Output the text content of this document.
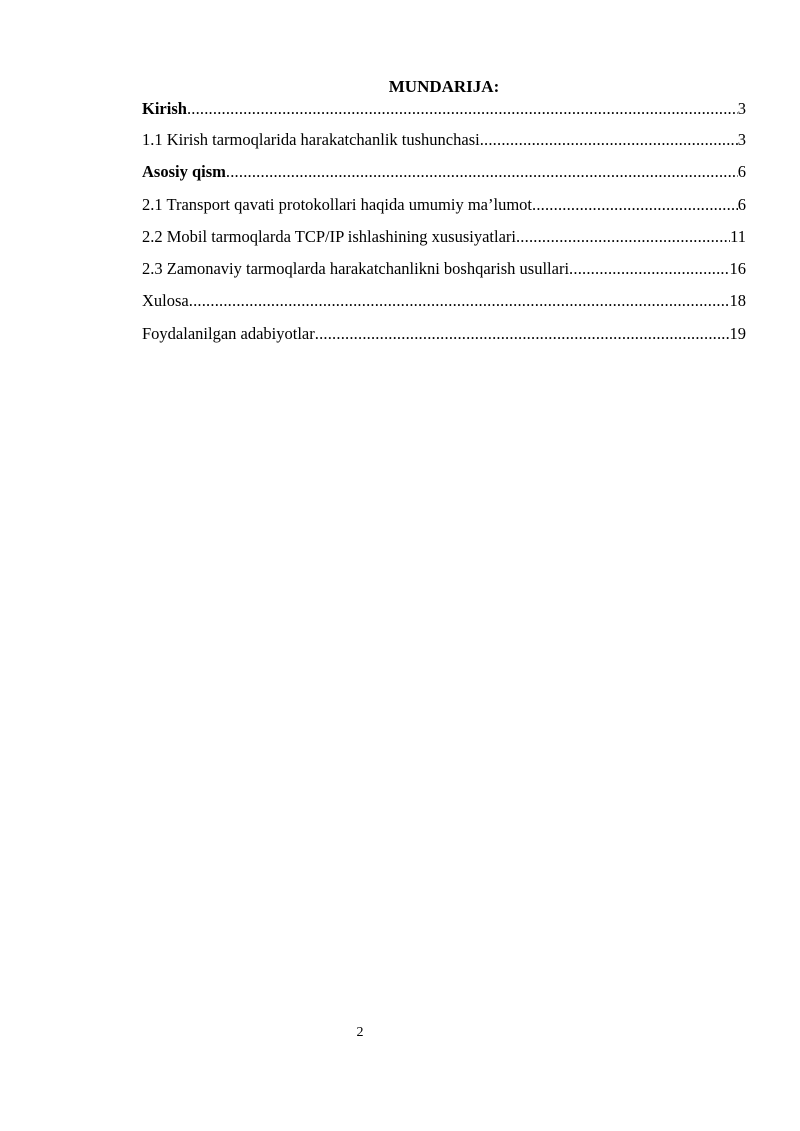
MUNDARIJA:
Kirish .....	3
1.1 Kirish tarmoqlarida harakatchanlik tushunchasi .....	3
Asosiy qism .....	6
2.1 Transport qavati protokollari haqida umumiy ma’lumot .....	6
2.2 Mobil tarmoqlarda TCP/IP ishlashining xususiyatlari .....	11
2.3 Zamonaviy tarmoqlarda harakatchanlikni boshqarish usullari .....	16
Xulosa .....	18
Foydalanilgan adabiyotlar .....	19
2
